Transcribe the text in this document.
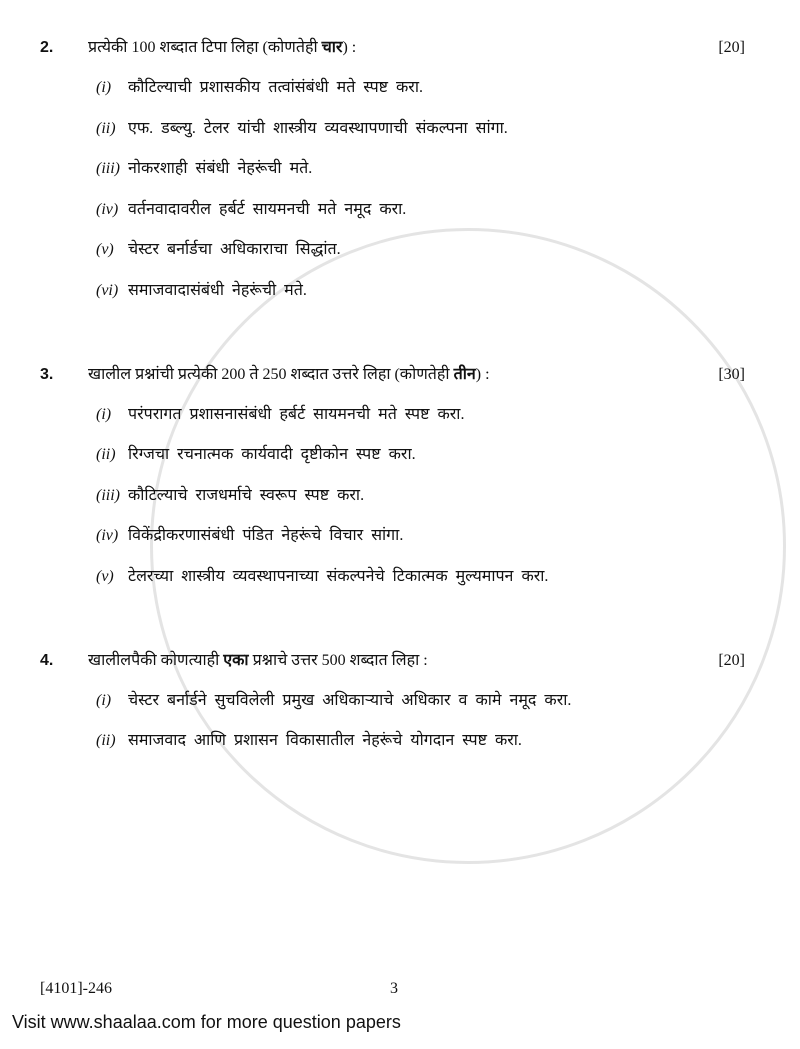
2.	प्रत्येकी 100 शब्दात टिपा लिहा (कोणतेही चार) :	[20]
(i)	कौटिल्याची प्रशासकीय तत्वांसंबंधी मते स्पष्ट करा.
(ii) एफ. डब्ल्यु. टेलर यांची शास्त्रीय व्यवस्थापणाची संकल्पना सांगा.
(iii) नोकरशाही संबंधी नेहरूंची मते.
(iv) वर्तनवादावरील हर्बर्ट सायमनची मते नमूद करा.
(v) चेस्टर बर्नार्डचा अधिकाराचा सिद्धांत.
(vi) समाजवादासंबंधी नेहरूंची मते.
3.	खालील प्रश्नांची प्रत्येकी 200 ते 250 शब्दात उत्तरे लिहा (कोणतेही तीन) :	[30]
(i)	परंपरागत प्रशासनासंबंधी हर्बर्ट सायमनची मते स्पष्ट करा.
(ii) रिग्जचा रचनात्मक कार्यवादी दृष्टीकोन स्पष्ट करा.
(iii) कौटिल्याचे राजधर्माचे स्वरूप स्पष्ट करा.
(iv) विकेंद्रीकरणासंबंधी पंडित नेहरूंचे विचार सांगा.
(v) टेलरच्या शास्त्रीय व्यवस्थापनाच्या संकल्पनेचे टिकात्मक मुल्यमापन करा.
4.	खालीलपैकी कोणत्याही एका प्रश्नाचे उत्तर 500 शब्दात लिहा :	[20]
(i)	चेस्टर बर्नार्डने सुचविलेली प्रमुख अधिकाऱ्याचे अधिकार व कामे नमूद करा.
(ii) समाजवाद आणि प्रशासन विकासातील नेहरूंचे योगदान स्पष्ट करा.
[4101]-246	3
Visit www.shaalaa.com for more question papers
